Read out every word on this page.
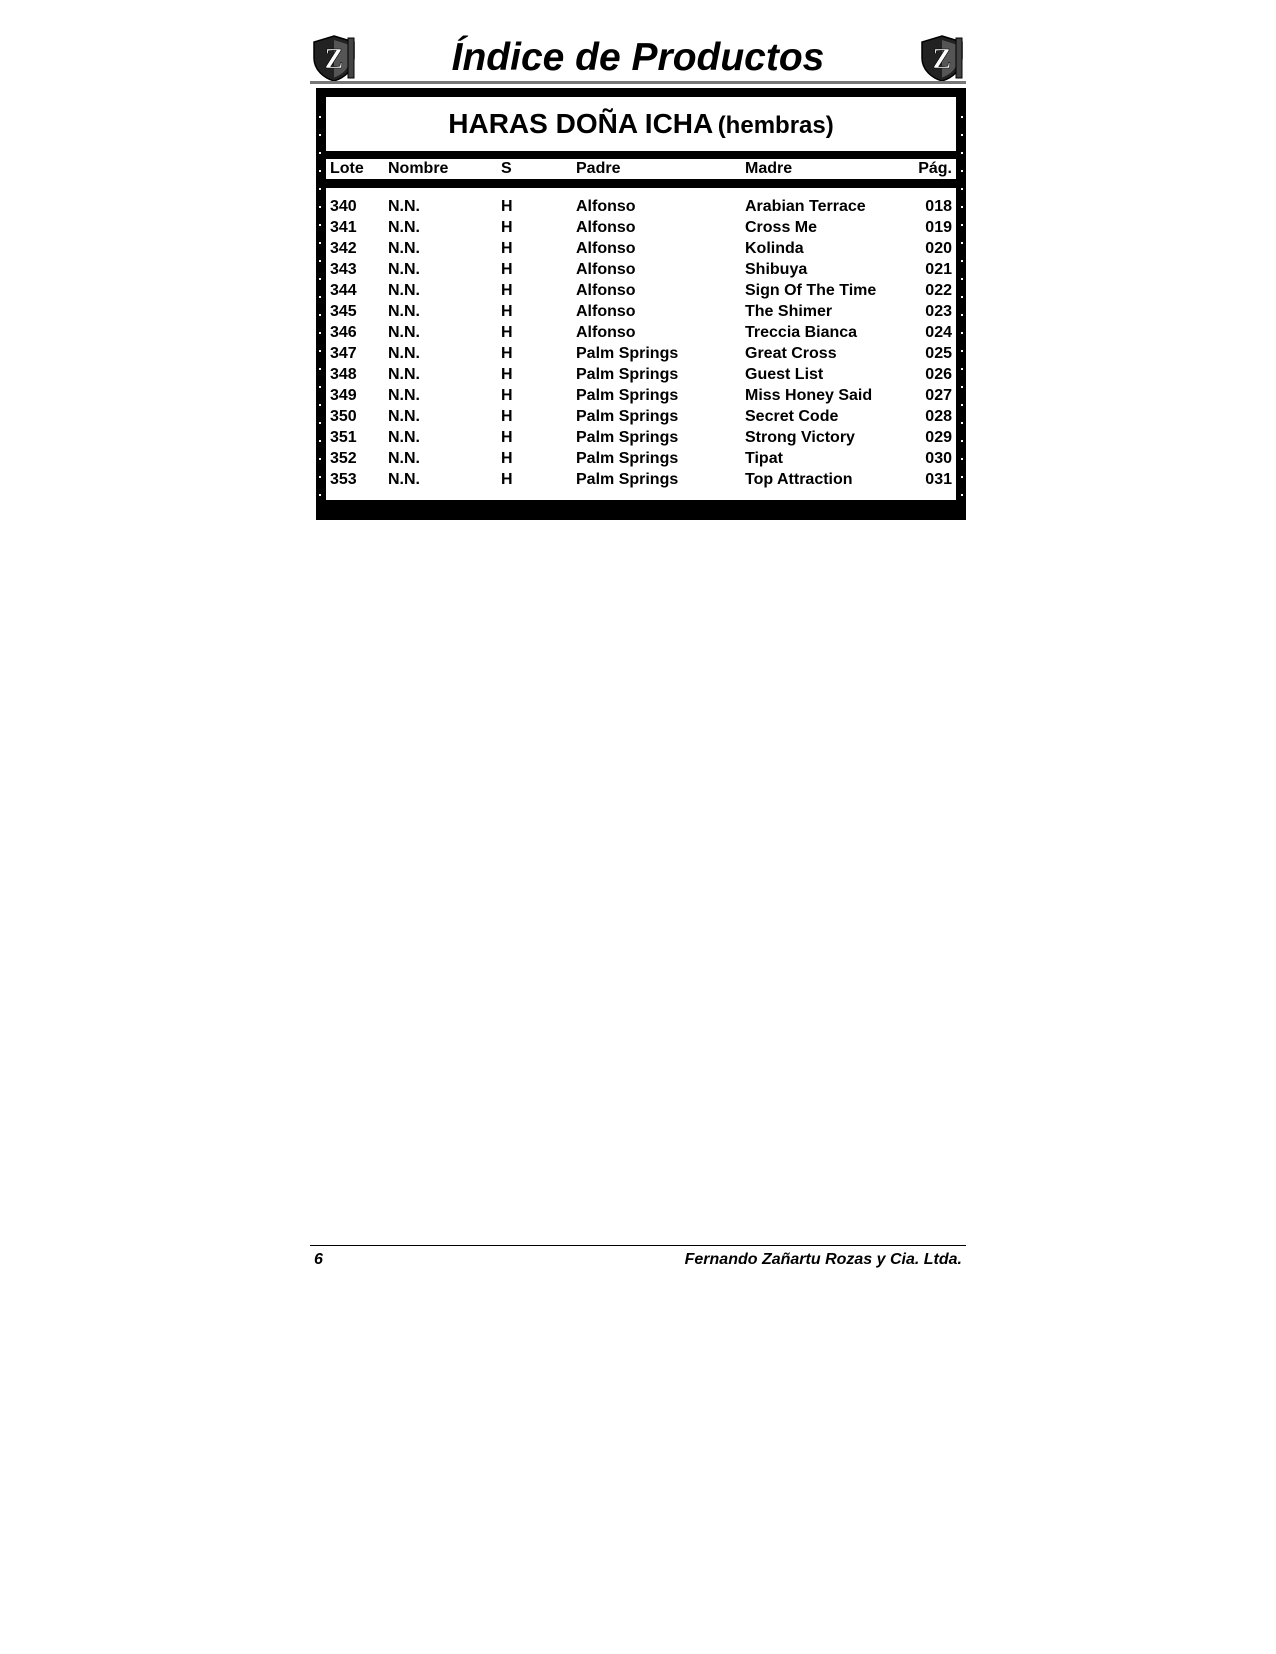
Z	Índice de Productos	Z
HARAS DOÑA ICHA (hembras)
Lote Nombre	S	Padre	Madre	Pág.
340 N.N.	H	Alfonso	Arabian Terrace	018
341 N.N.	H	Alfonso	Cross Me	019
342 N.N.	H	Alfonso	Kolinda	020
343 N.N.	H	Alfonso	Shibuya	021
344 N.N.	H	Alfonso	Sign Of The Time	022
345 N.N.	H	Alfonso	The Shimer	023
346 N.N.	H	Alfonso	Treccia Bianca	024
347 N.N.	H	Palm Springs	Great Cross	025
348 N.N.	H	Palm Springs	Guest List	026
349 N.N.	H	Palm Springs	Miss Honey Said	027
350 N.N.	H	Palm Springs	Secret Code	028
351 N.N.	H	Palm Springs	Strong Victory	029
352 N.N.	H	Palm Springs	Tipat	030
353 N.N.	H	Palm Springs	Top Attraction	031
6	Fernando Zañartu Rozas y Cia. Ltda.
